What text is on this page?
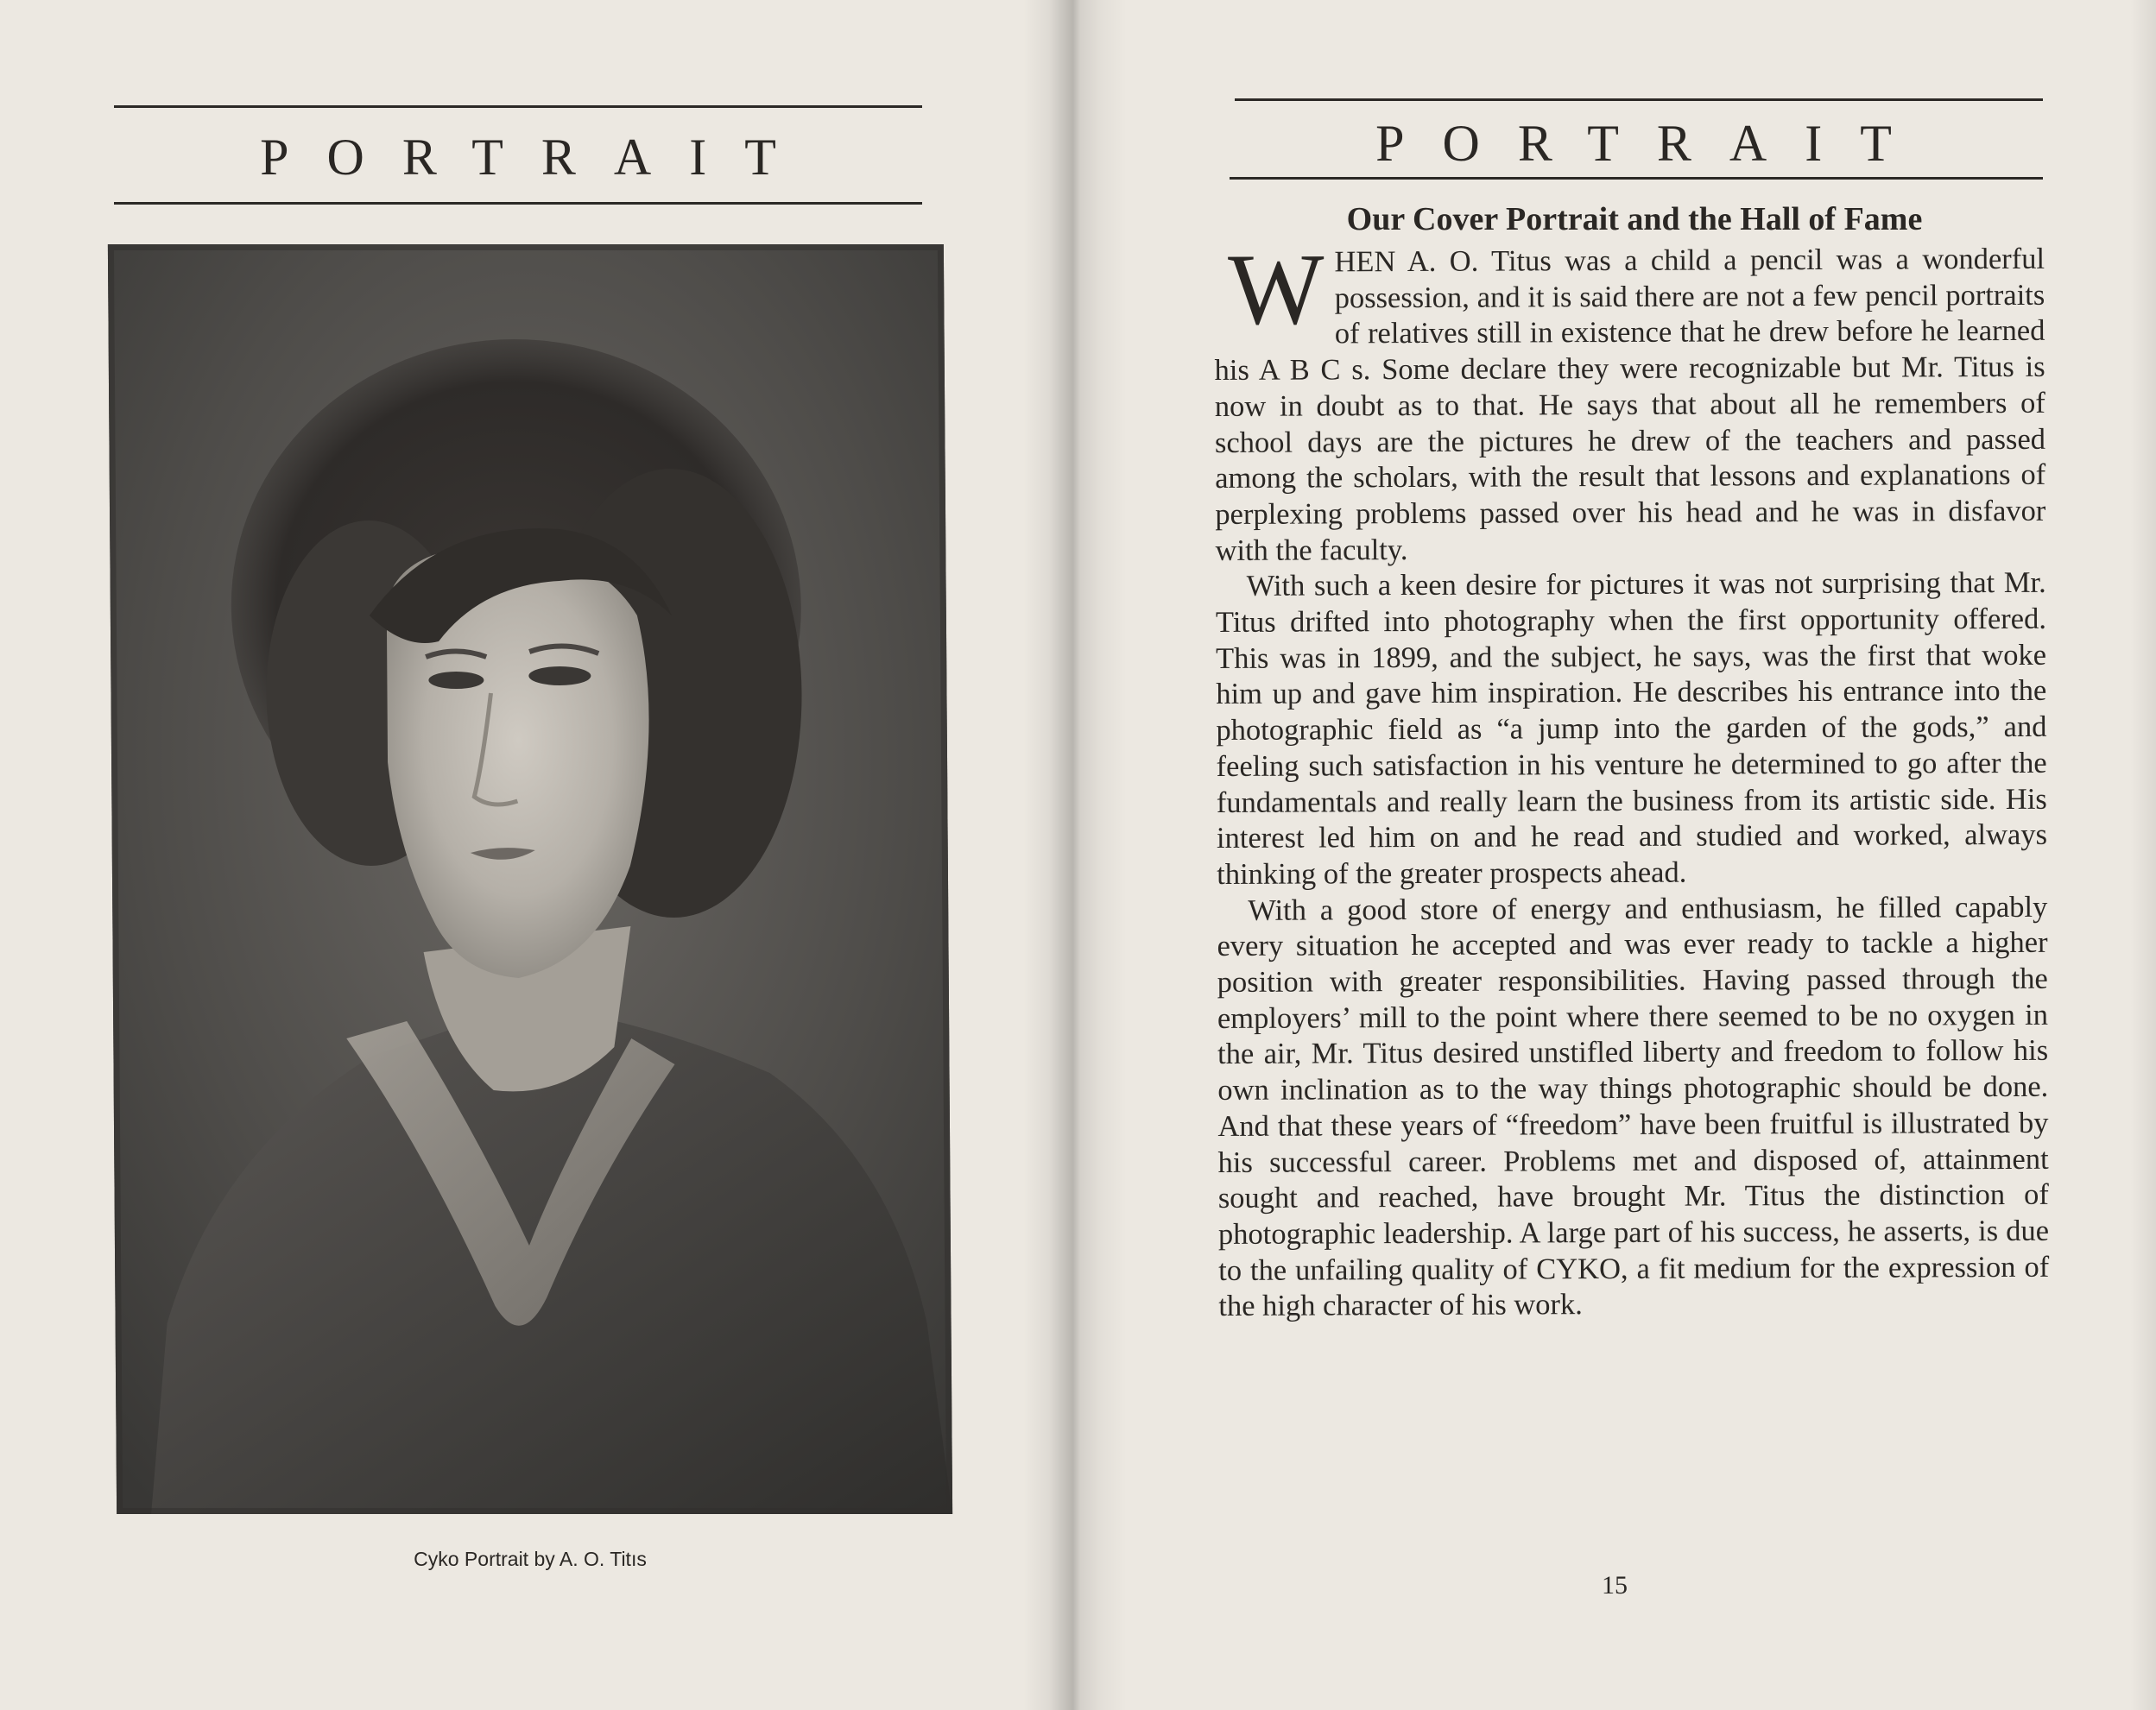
PORTRAIT
Cyko Portrait by A. O. Titıs
PORTRAIT
Our Cover Portrait and the Hall of Fame

WHEN A. O. Titus was a child a pencil was a wonderful possession, and it is said there are not a few pencil portraits of relatives still in existence that he drew before he learned his A B C s. Some declare they were recognizable but Mr. Titus is now in doubt as to that. He says that about all he remembers of school days are the pictures he drew of the teachers and passed among the scholars, with the result that lessons and explanations of perplexing problems passed over his head and he was in disfavor with the faculty.

With such a keen desire for pictures it was not surprising that Mr. Titus drifted into photography when the first opportunity offered. This was in 1899, and the subject, he says, was the first that woke him up and gave him inspiration. He describes his entrance into the photographic field as “a jump into the garden of the gods,” and feeling such satisfaction in his venture he determined to go after the fundamentals and really learn the business from its artistic side. His interest led him on and he read and studied and worked, always thinking of the greater prospects ahead.

With a good store of energy and enthusiasm, he filled capably every situation he accepted and was ever ready to tackle a higher position with greater responsibilities. Having passed through the employers’ mill to the point where there seemed to be no oxygen in the air, Mr. Titus desired unstifled liberty and freedom to follow his own inclination as to the way things photographic should be done. And that these years of “freedom” have been fruitful is illustrated by his successful career. Problems met and disposed of, attainment sought and reached, have brought Mr. Titus the distinction of photographic leadership. A large part of his success, he asserts, is due to the unfailing quality of CYKO, a fit medium for the expression of the high character of his work.

15
